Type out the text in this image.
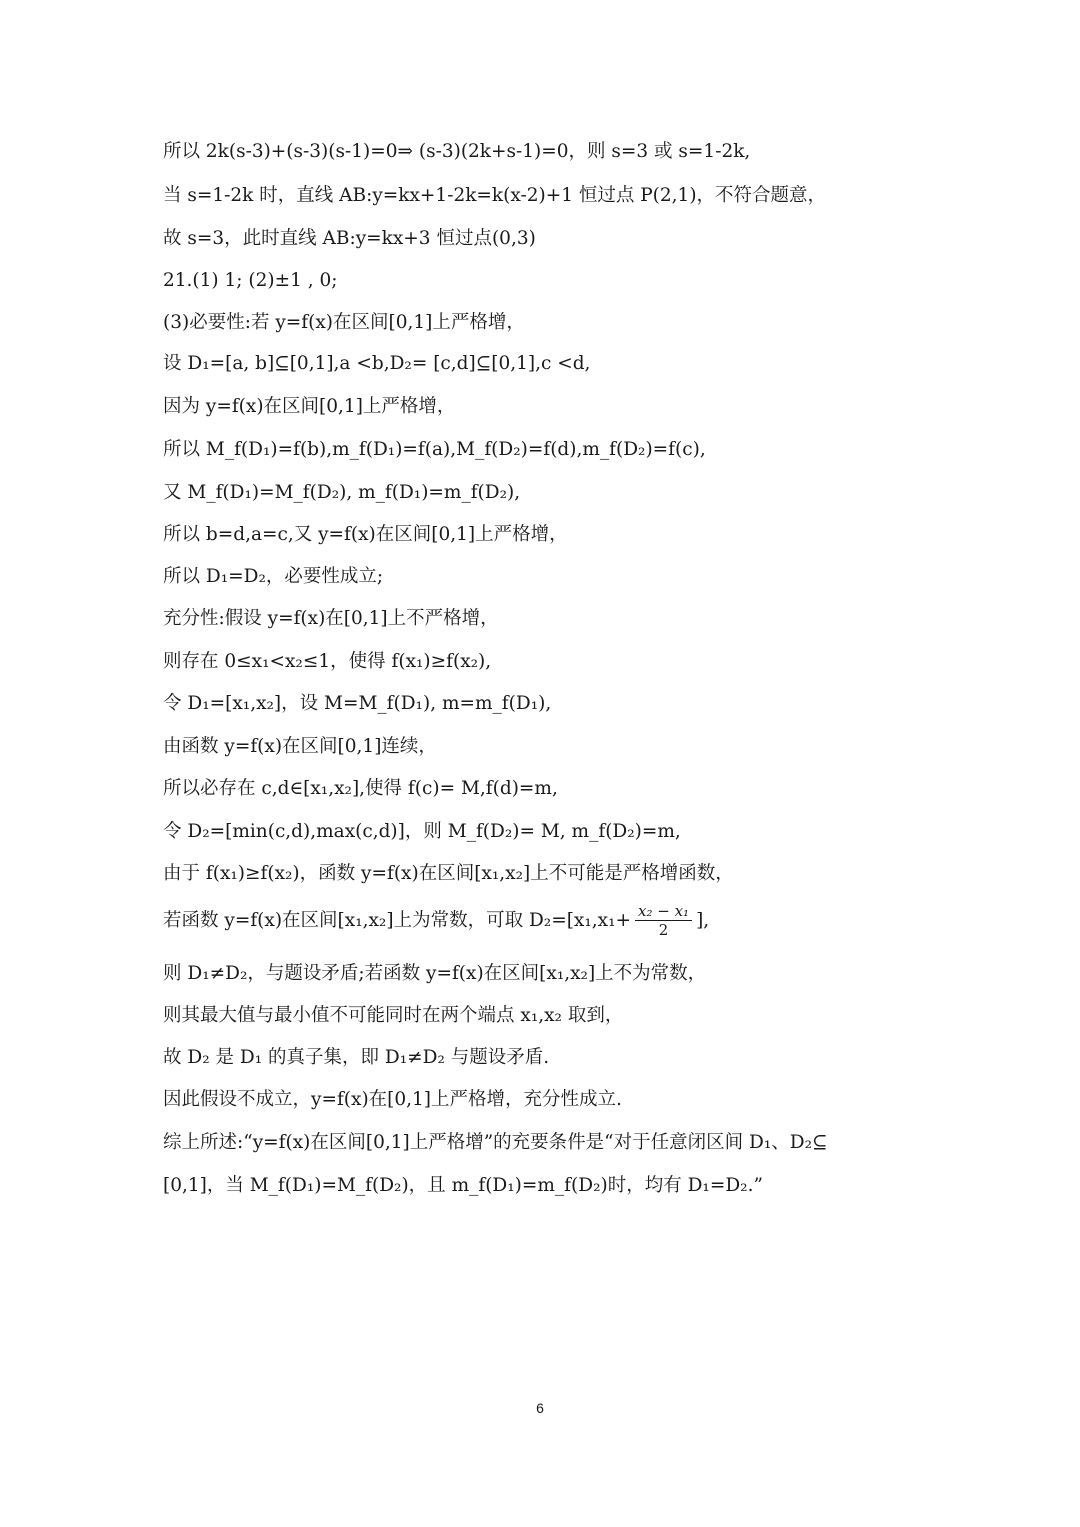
所以 2k(s-3)+(s-3)(s-1)=0⇒ (s-3)(2k+s-1)=0，则 s=3 或 s=1-2k,
当 s=1-2k 时，直线 AB:y=kx+1-2k=k(x-2)+1 恒过点 P(2,1)，不符合题意，
故 s=3，此时直线 AB:y=kx+3 恒过点(0,3)
21.(1) 1; (2)±1 , 0;
(3)必要性:若 y=f(x)在区间[0,1]上严格增，
设 D₁=[a, b]⊆[0,1],a <b,D₂= [c,d]⊆[0,1],c <d,
因为 y=f(x)在区间[0,1]上严格增，
所以 M_f(D₁)=f(b),m_f(D₁)=f(a),M_f(D₂)=f(d),m_f(D₂)=f(c),
又 M_f(D₁)=M_f(D₂), m_f(D₁)=m_f(D₂),
所以 b=d,a=c,又 y=f(x)在区间[0,1]上严格增，
所以 D₁=D₂，必要性成立;
充分性:假设 y=f(x)在[0,1]上不严格增，
则存在 0≤x₁<x₂≤1，使得 f(x₁)≥f(x₂),
令 D₁=[x₁,x₂]，设 M=M_f(D₁), m=m_f(D₁),
由函数 y=f(x)在区间[0,1]连续，
所以必存在 c,d∈[x₁,x₂],使得 f(c)= M,f(d)=m,
令 D₂=[min(c,d),max(c,d)]，则 M_f(D₂)= M, m_f(D₂)=m,
由于 f(x₁)≥f(x₂)，函数 y=f(x)在区间[x₁,x₂]上不可能是严格增函数，
若函数 y=f(x)在区间[x₁,x₂]上为常数，可取 $D_2=[x_1,x_1+ \frac{\text{x₂ − x₁}}{2}$ ],
则 D₁≠D₂，与题设矛盾;若函数 y=f(x)在区间[x₁,x₂]上不为常数，
则其最大值与最小值不可能同时在两个端点 x₁,x₂ 取到，
故 D₂ 是 D₁ 的真子集，即 D₁≠D₂ 与题设矛盾.
因此假设不成立，y=f(x)在[0,1]上严格增，充分性成立.
综上所述:“y=f(x)在区间[0,1]上严格增”的充要条件是“对于任意闭区间 D₁、D₂⊆
[0,1]，当 M_f(D₁)=M_f(D₂)，且 m_f(D₁)=m_f(D₂)时，均有 D₁=D₂.”
6
